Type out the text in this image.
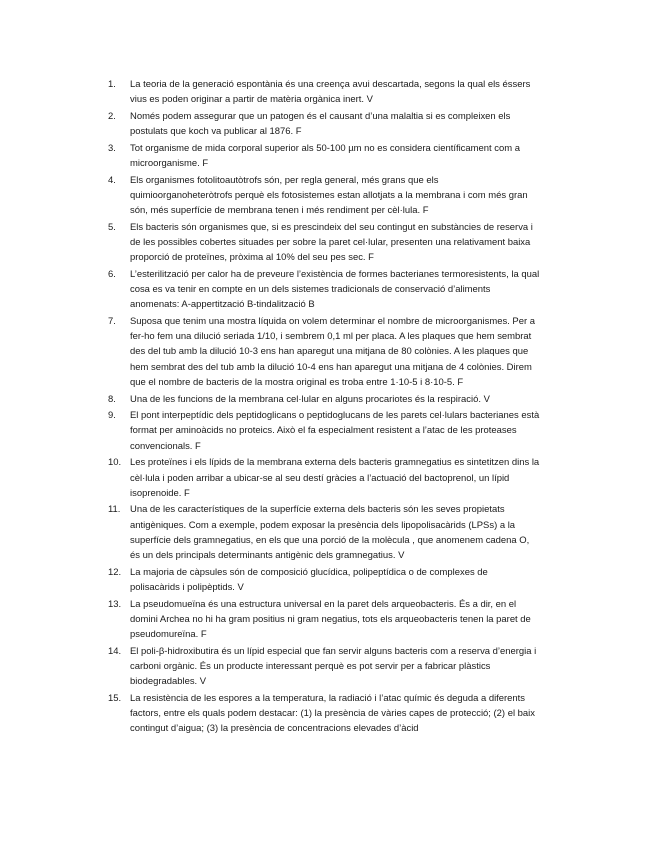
1.	La teoria de la generació espontània és una creença avui descartada, segons la qual els éssers vius es poden originar a partir de matèria orgànica inert. V
2.	Només podem assegurar que un patogen és el causant d’una malaltia si es compleixen els postulats que koch va publicar al 1876. F
3.	Tot organisme de mida corporal superior als 50-100 µm no es considera científicament com a microorganisme. F
4.	Els organismes fotolitoautòtrofs són, per regla general, més grans que els quimioorganoheteròtrofs perquè els fotosistemes estan allotjats a la membrana i com més gran són, més superfície de membrana tenen i més rendiment per cèl·lula. F
5.	Els bacteris són organismes que, si es prescindeix del seu contingut en substàncies de reserva i de les possibles cobertes situades per sobre la paret cel·lular, presenten una relativament baixa proporció de proteïnes, pròxima al 10% del seu pes sec. F
6.	L’esterilització per calor ha de preveure l’existència de formes bacterianes termoresistents, la qual cosa es va tenir en compte en un dels sistemes tradicionals de conservació d’aliments anomenats: A-appertització B-tindalització B
7.	Suposa que tenim una mostra líquida on volem determinar el nombre de microorganismes. Per a fer-ho fem una dilució seriada 1/10, i sembrem 0,1 ml per placa. A les plaques que hem sembrat des del tub amb la dilució 10-3 ens han aparegut una mitjana de 80 colònies. A les plaques que hem sembrat des del tub amb la dilució 10-4 ens han aparegut una mitjana de 4 colònies. Direm que el nombre de bacteris de la mostra original es troba entre 1·10-5 i 8·10-5. F
8.	Una de les funcions de la membrana cel·lular en alguns procariotes és la respiració. V
9.	El pont interpeptídic dels peptidoglicans o peptidoglucans de les parets cel·lulars bacterianes està format per aminoàcids no proteics. Això el fa especialment resistent a l’atac de les proteases convencionals. F
10. Les proteïnes i els lípids de la membrana externa dels bacteris gramnegatius es sintetitzen dins la cèl·lula i poden arribar a ubicar-se al seu destí gràcies a l’actuació del bactoprenol, un lípid isoprenoide. F
11.	Una de les característiques de la superfície externa dels bacteris són les seves propietats antigèniques. Com a exemple, podem exposar la presència dels lipopolisacàrids (LPSs) a la superfície dels gramnegatius, en els que una porció de la molècula , que anomenem cadena O, és un dels principals determinants antigènic dels gramnegatius. V
12. La majoria de càpsules són de composició glucídica, polipeptídica o de complexes de polisacàrids i polipèptids. V
13. La pseudomueïna és una estructura universal en la paret dels arqueobacteris. És a dir, en el domini Archea no hi ha gram positius ni gram negatius, tots els arqueobacteris tenen la paret de pseudomureïna. F
14. El poli-β-hidroxibutira és un lípid especial que fan servir alguns bacteris com a reserva d’energia i carboni orgànic. És un producte interessant perquè es pot servir per a fabricar plàstics biodegradables. V
15. La resistència de les espores a la temperatura, la radiació i l’atac químic és deguda a diferents factors, entre els quals podem destacar: (1) la presència de vàries capes de protecció; (2) el baix contingut d’aigua; (3) la presència de concentracions elevades d’àcid
